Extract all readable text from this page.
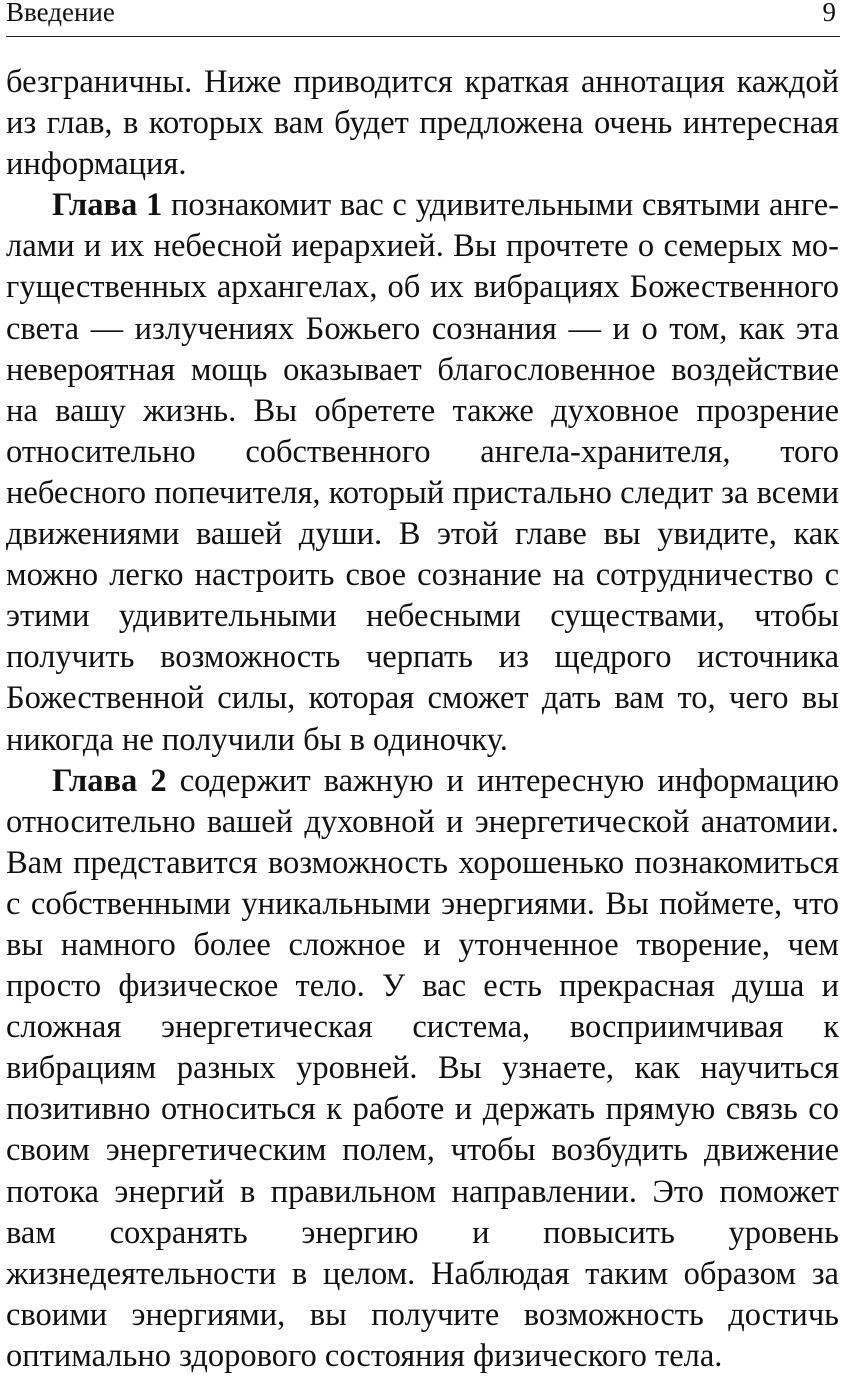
Введение	9

безграничны. Ниже приводится краткая аннотация каждой из глав, в которых вам будет предложена очень интересная информация.

Глава 1 познакомит вас с удивительными святыми ангелами и их небесной иерархией. Вы прочтете о семерых могущественных архангелах, об их вибрациях Божественного света — излучениях Божьего сознания — и о том, как эта невероятная мощь оказывает благословенное воздействие на вашу жизнь. Вы обретете также духовное прозрение относительно собственного ангела-хранителя, того небесного попечителя, который пристально следит за всеми движениями вашей души. В этой главе вы увидите, как можно легко настроить свое сознание на сотрудничество с этими удивительными небесными существами, чтобы получить возможность черпать из щедрого источника Божественной силы, которая сможет дать вам то, чего вы никогда не получили бы в одиночку.

Глава 2 содержит важную и интересную информацию относительно вашей духовной и энергетической анатомии. Вам представится возможность хорошенько познакомиться с собственными уникальными энергиями. Вы поймете, что вы намного более сложное и утонченное творение, чем просто физическое тело. У вас есть прекрасная душа и сложная энергетическая система, восприимчивая к вибрациям разных уровней. Вы узнаете, как научиться позитивно относиться к работе и держать прямую связь со своим энергетическим полем, чтобы возбудить движение потока энергий в правильном направлении. Это поможет вам сохранять энергию и повысить уровень жизнедеятельности в целом. Наблюдая таким образом за своими энергиями, вы получите возможность достичь оптимально здорового состояния физического тела.
